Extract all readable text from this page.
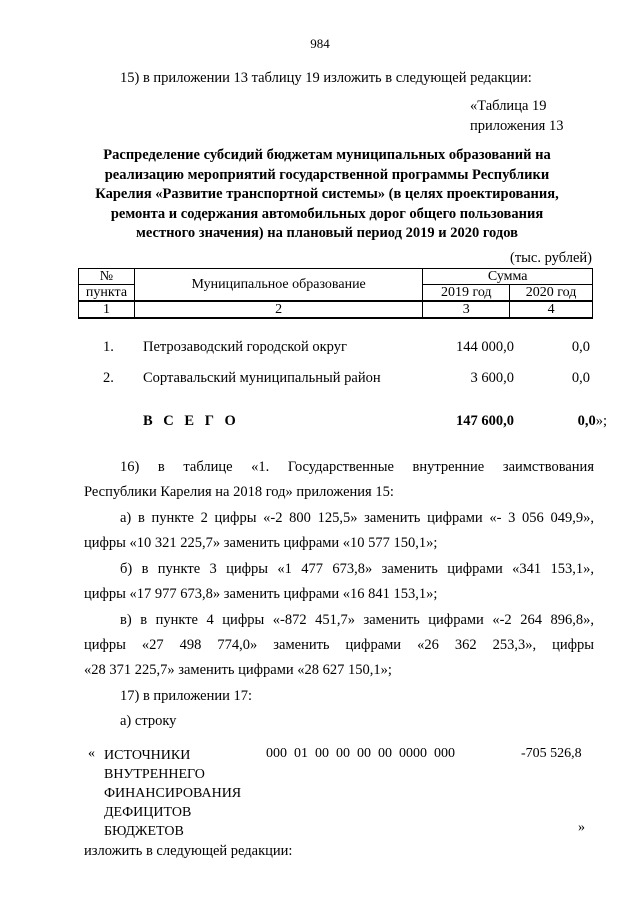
984
15) в приложении 13 таблицу 19 изложить в следующей редакции:
«Таблица 19
приложения 13
Распределение субсидий бюджетам муниципальных образований на реализацию мероприятий государственной программы Республики Карелия «Развитие транспортной системы» (в целях проектирования, ремонта и содержания автомобильных дорог общего пользования местного значения) на плановый период 2019 и 2020 годов
(тыс. рублей)
№	Муниципальное образование	Сумма	
пункта		2019 год	2020 год
1	2	3	4
1. Петрозаводский городской округ	144 000,0	0,0
2. Сортавальский муниципальный район	3 600,0	0,0
В С Е Г О	147 600,0	0,0»;
16) в таблице «1. Государственные внутренние заимствования
Республики Карелия на 2018 год» приложения 15:
а) в пункте 2 цифры «-2 800 125,5» заменить цифрами «- 3 056 049,9»,
цифры «10 321 225,7» заменить цифрами «10 577 150,1»;
б) в пункте 3 цифры «1 477 673,8» заменить цифрами «341 153,1»,
цифры «17 977 673,8» заменить цифрами «16 841 153,1»;
в) в пункте 4 цифры «-872 451,7» заменить цифрами «-2 264 896,8»,
цифры «27 498 774,0» заменить цифрами «26 362 253,3», цифры
«28 371 225,7» заменить цифрами «28 627 150,1»;
17) в приложении 17:
а) строку
« ИСТОЧНИКИ
ВНУТРЕННЕГО
ФИНАНСИРОВАНИЯ
ДЕФИЦИТОВ
БЮДЖЕТОВ
000  01  00  00  00  00  0000  000	-705 526,8
»
изложить в следующей редакции:
